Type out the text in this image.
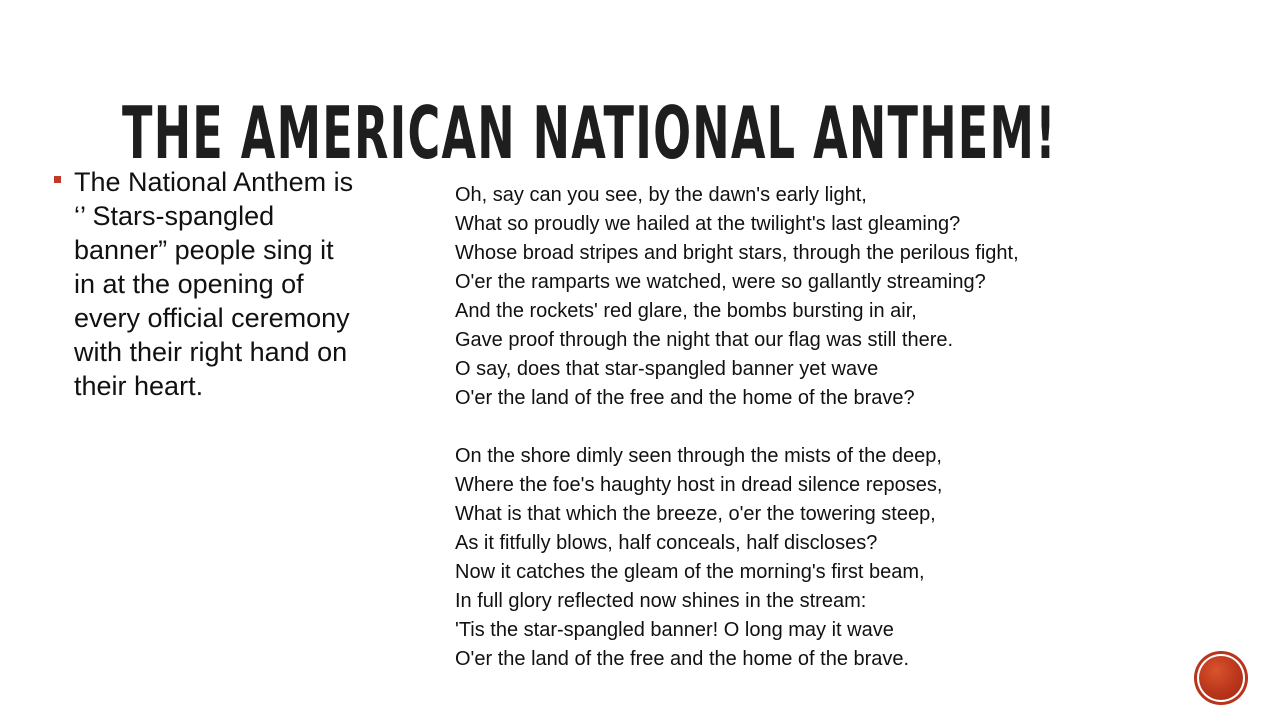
THE AMERICAN NATIONAL ANTHEM!
The National Anthem is ‘’ Stars-spangled banner” people sing it in at the opening of every official ceremony with their right hand on their heart.
Oh, say can you see, by the dawn's early light,
What so proudly we hailed at the twilight's last gleaming?
Whose broad stripes and bright stars, through the perilous fight,
O'er the ramparts we watched, were so gallantly streaming?
And the rockets' red glare, the bombs bursting in air,
Gave proof through the night that our flag was still there.
O say, does that star-spangled banner yet wave
O'er the land of the free and the home of the brave?
On the shore dimly seen through the mists of the deep,
Where the foe's haughty host in dread silence reposes,
What is that which the breeze, o'er the towering steep,
As it fitfully blows, half conceals, half discloses?
Now it catches the gleam of the morning's first beam,
In full glory reflected now shines in the stream:
'Tis the star-spangled banner! O long may it wave
O'er the land of the free and the home of the brave.
